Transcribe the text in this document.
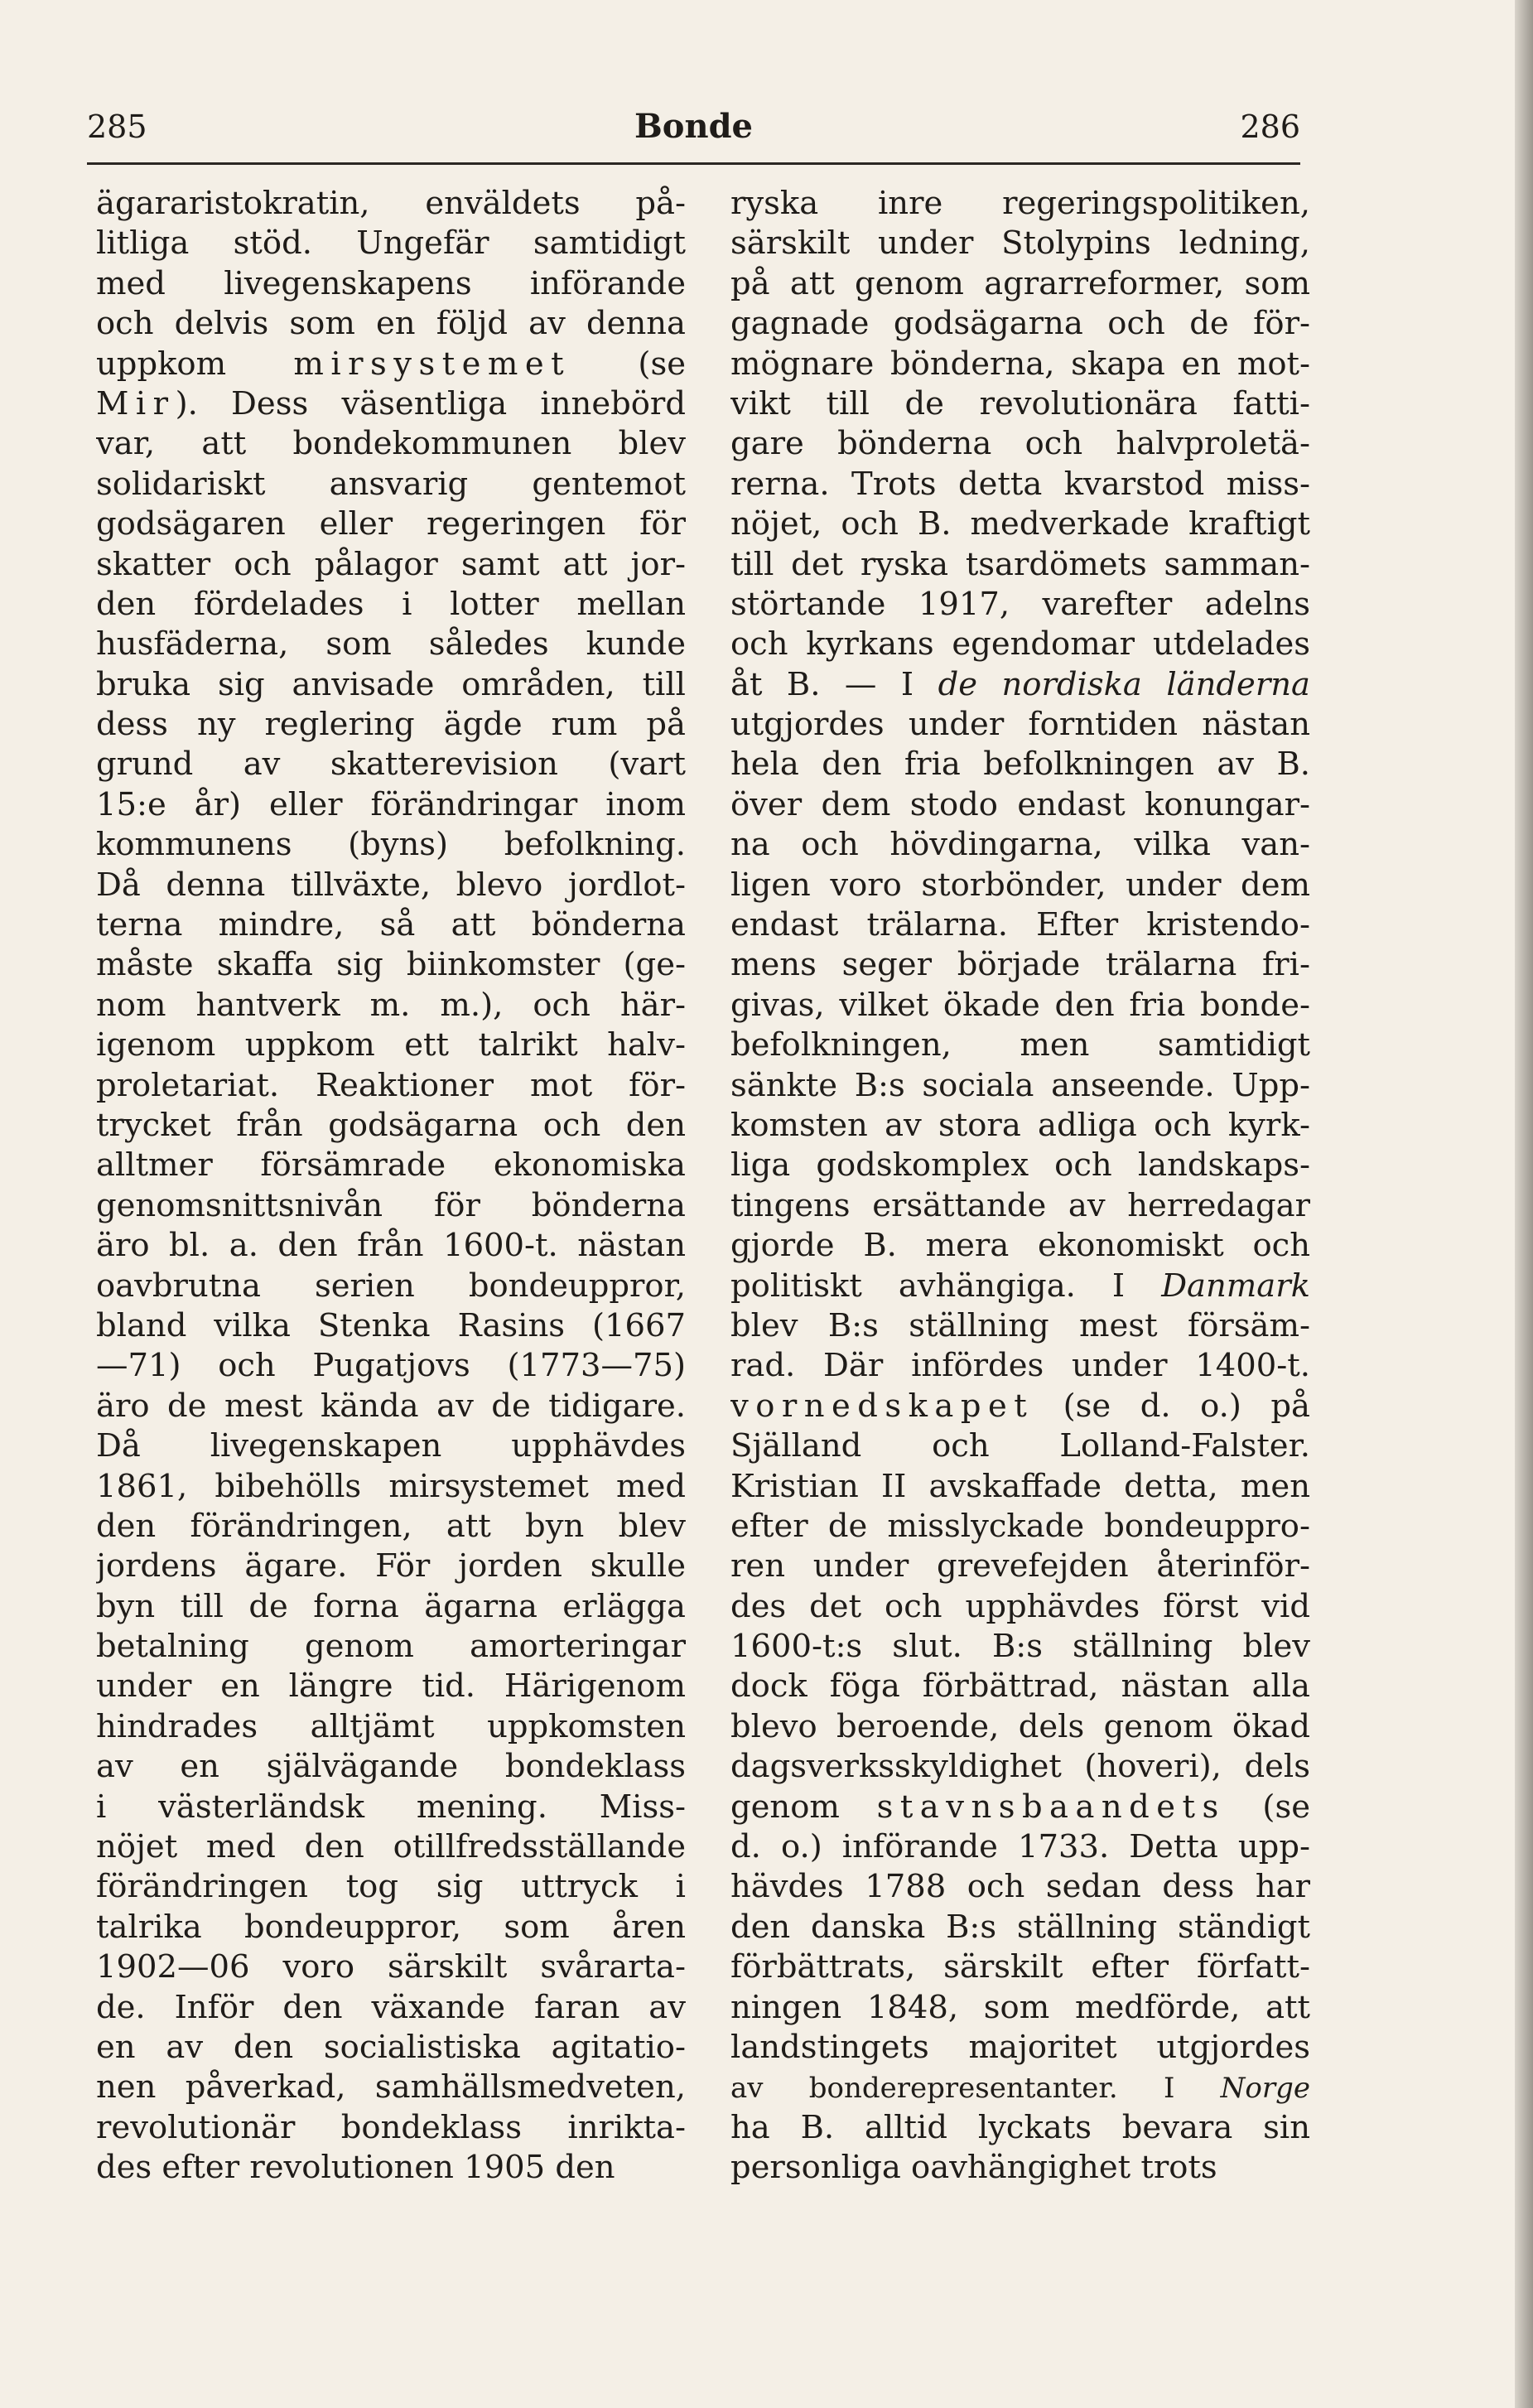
285	Bonde	286
ägararistokratin, enväldets på-
litliga stöd. Ungefär samtidigt
med livegenskapens införande
och delvis som en följd av denna
uppkom mirsystemet (se
Mir). Dess väsentliga innebörd
var, att bondekommunen blev
solidariskt ansvarig gentemot
godsägaren eller regeringen för
skatter och pålagor samt att jor-
den fördelades i lotter mellan
husfäderna, som således kunde
bruka sig anvisade områden, till
dess ny reglering ägde rum på
grund av skatterevision (vart
15:e år) eller förändringar inom
kommunens (byns) befolkning.
Då denna tillväxte, blevo jordlot-
terna mindre, så att bönderna
måste skaffa sig biinkomster (ge-
nom hantverk m. m.), och här-
igenom uppkom ett talrikt halv-
proletariat. Reaktioner mot för-
trycket från godsägarna och den
alltmer försämrade ekonomiska
genomsnittsnivån för bönderna
äro bl. a. den från 1600-t. nästan
oavbrutna serien bondeuppror,
bland vilka Stenka Rasins (1667
—71) och Pugatjovs (1773—75)
äro de mest kända av de tidigare.
Då livegenskapen upphävdes
1861, bibehölls mirsystemet med
den förändringen, att byn blev
jordens ägare. För jorden skulle
byn till de forna ägarna erlägga
betalning genom amorteringar
under en längre tid. Härigenom
hindrades alltjämt uppkomsten
av en självägande bondeklass
i västerländsk mening. Miss-
nöjet med den otillfredsställande
förändringen tog sig uttryck i
talrika bondeuppror, som åren
1902—06 voro särskilt svårarta-
de. Inför den växande faran av
en av den socialistiska agitatio-
nen påverkad, samhällsmedveten,
revolutionär bondeklass inrikta-
des efter revolutionen 1905 den
ryska inre regeringspolitiken,
särskilt under Stolypins ledning,
på att genom agrarreformer, som
gagnade godsägarna och de för-
mögnare bönderna, skapa en mot-
vikt till de revolutionära fatti-
gare bönderna och halvproletä-
rerna. Trots detta kvarstod miss-
nöjet, och B. medverkade kraftigt
till det ryska tsardömets samman-
störtande 1917, varefter adelns
och kyrkans egendomar utdelades
åt B. — I de nordiska länderna
utgjordes under forntiden nästan
hela den fria befolkningen av B.
över dem stodo endast konungar-
na och hövdingarna, vilka van-
ligen voro storbönder, under dem
endast trälarna. Efter kristendo-
mens seger började trälarna fri-
givas, vilket ökade den fria bonde-
befolkningen, men samtidigt
sänkte B:s sociala anseende. Upp-
komsten av stora adliga och kyrk-
liga godskomplex och landskaps-
tingens ersättande av herredagar
gjorde B. mera ekonomiskt och
politiskt avhängiga. I Danmark
blev B:s ställning mest försäm-
rad. Där infördes under 1400-t.
vornedskapet (se d. o.) på
Själland och Lolland-Falster.
Kristian II avskaffade detta, men
efter de misslyckade bondeuppro-
ren under grevefejden återinför-
des det och upphävdes först vid
1600-t:s slut. B:s ställning blev
dock föga förbättrad, nästan alla
blevo beroende, dels genom ökad
dagsverksskyldighet (hoveri), dels
genom stavnsbaandets (se
d. o.) införande 1733. Detta upp-
hävdes 1788 och sedan dess har
den danska B:s ställning ständigt
förbättrats, särskilt efter författ-
ningen 1848, som medförde, att
landstingets majoritet utgjordes
av bonderepresentanter. I Norge
ha B. alltid lyckats bevara sin
personliga oavhängighet trots
